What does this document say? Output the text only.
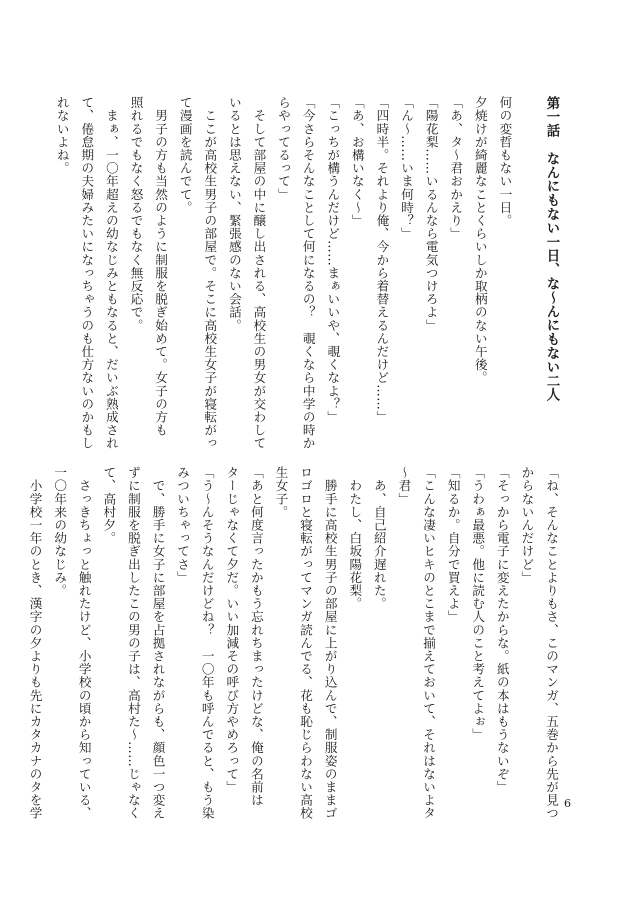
第一話　なんにもない一日、な〜んにもない二人
何の変哲もない一日。
夕焼けが綺麗なことくらいしか取柄のない午後。
「あ、タ〜君おかえり」
「陽花梨……いるんなら電気つけろよ」
「ん〜……いま何時？」
「四時半。それより俺、今から着替えるんだけど……」
「あ、お構いなく〜」
「こっちが構うんだけど……まぁいいや、覗くなよ？」
「今さらそんなことして何になるの？　覗くなら中学の時か
らやってるって」
　そして部屋の中に醸し出される、高校生の男女が交わして
いるとは思えない、緊張感のない会話。
　ここが高校生男子の部屋で。そこに高校生女子が寝転がっ
て漫画を読んでて。
　男子の方も当然のように制服を脱ぎ始めて。女子の方も
照れるでもなく怒るでもなく無反応で。
　まぁ、一〇年超えの幼なじみともなると、だいぶ熟成され
て、倦怠期の夫婦みたいになっちゃうのも仕方ないのかもし
れないよね。
「ね、そんなことよりもさ、このマンガ、五巻から先が見つ
からないんだけど」
「そっから電子に変えたからな。紙の本はもうないぞ」
「うわぁ最悪。他に読む人のこと考えてよぉ」
「知るか。自分で買えよ」
「こんな凄いヒキのとこまで揃えておいて、それはないよタ
〜君」
　あ、自己紹介遅れた。
　わたし、白坂陽花梨。
　勝手に高校生男子の部屋に上がり込んで、制服姿のままゴ
ロゴロと寝転がってマンガ読んでる、花も恥じらわない高校
生女子。
「あと何度言ったかもう忘れちまったけどな、俺の名前は
ターじゃなくて夕だ。いい加減その呼び方やめろって」
「う〜んそうなんだけどね？　一〇年も呼んでると、もう染
みついちゃってさ」
　で、勝手に女子に部屋を占拠されながらも、顔色一つ変え
ずに制服を脱ぎ出したこの男の子は、高村た〜……じゃなく
て、高村夕。
　さっきちょっと触れたけど、小学校の頃から知っている、
一〇年来の幼なじみ。
　小学校一年のとき、漢字の夕よりも先にカタカナのタを学	6
